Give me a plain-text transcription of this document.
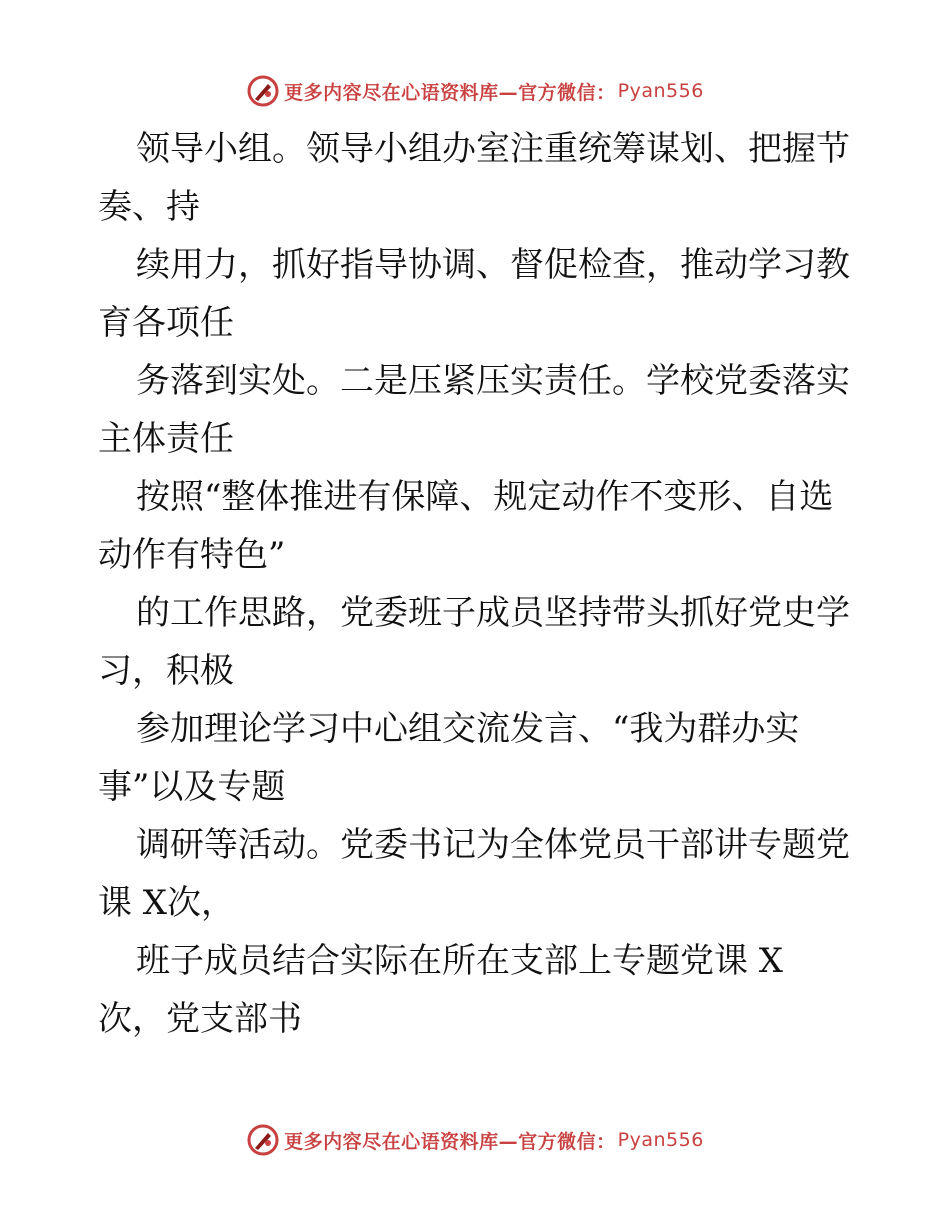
更多内容尽在心语资料库—官方微信： Pyan556
领导小组。领导小组办室注重统筹谋划、把握节
奏、持
续用力，抓好指导协调、督促检查，推动学习教
育各项任
务落到实处。二是压紧压实责任。学校党委落实
主体责任
按照“整体推进有保障、规定动作不变形、自选
动作有特色”
的工作思路，党委班子成员坚持带头抓好党史学
习，积极
参加理论学习中心组交流发言、“我为群办实
事”以及专题
调研等活动。党委书记为全体党员干部讲专题党
课 X次，
班子成员结合实际在所在支部上专题党课 X
次，党支部书
更多内容尽在心语资料库—官方微信： Pyan556
